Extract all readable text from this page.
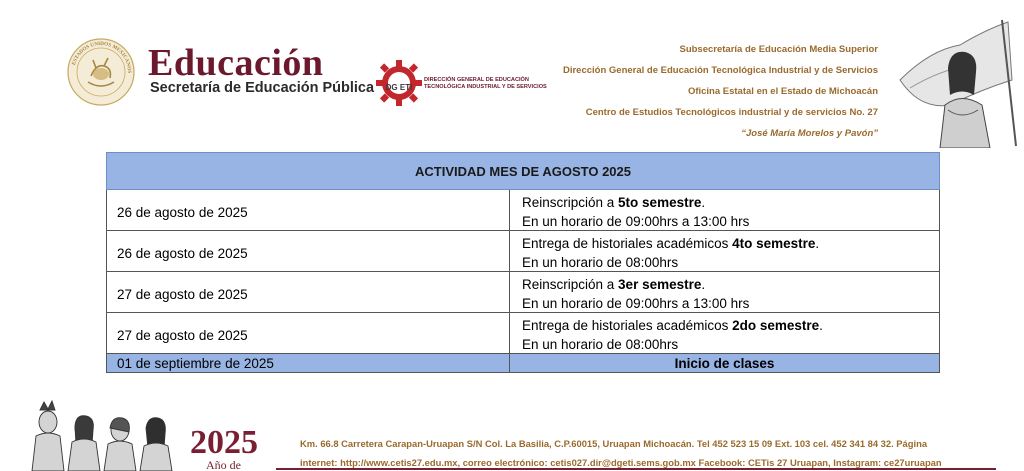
ESTADOS UNIDOS MEXICANOS Educación
Secretaría de Educación Pública DG ETI
DIRECCIÓN GENERAL DE EDUCACIÓN
TECNOLÓGICA INDUSTRIAL Y DE SERVICIOS
Subsecretaría de Educación Media Superior
Dirección General de Educación Tecnológica Industrial y de Servicios
Oficina Estatal en el Estado de Michoacán
Centro de Estudios Tecnológicos industrial y de servicios No. 27
“José María Morelos y Pavón”
ACTIVIDAD MES DE AGOSTO 2025
26 de agosto de 2025
Reinscripción a 5to semestre.
En un horario de 09:00hrs a 13:00 hrs
26 de agosto de 2025
Entrega de historiales académicos 4to semestre.
En un horario de 08:00hrs
27 de agosto de 2025
Reinscripción a 3er semestre.
En un horario de 09:00hrs a 13:00 hrs
27 de agosto de 2025
Entrega de historiales académicos 2do semestre.
En un horario de 08:00hrs
01 de septiembre de 2025	Inicio de clases
2025
Año de
Km. 66.8 Carretera Carapan-Uruapan S/N Col. La Basilia, C.P.60015, Uruapan Michoacán. Tel 452 523 15 09 Ext. 103 cel. 452 341 84 32. Página
internet: http://www.cetis27.edu.mx, correo electrónico: cetis027.dir@dgeti.sems.gob.mx Facebook: CETis 27 Uruapan, Instagram: ce27uruapan
